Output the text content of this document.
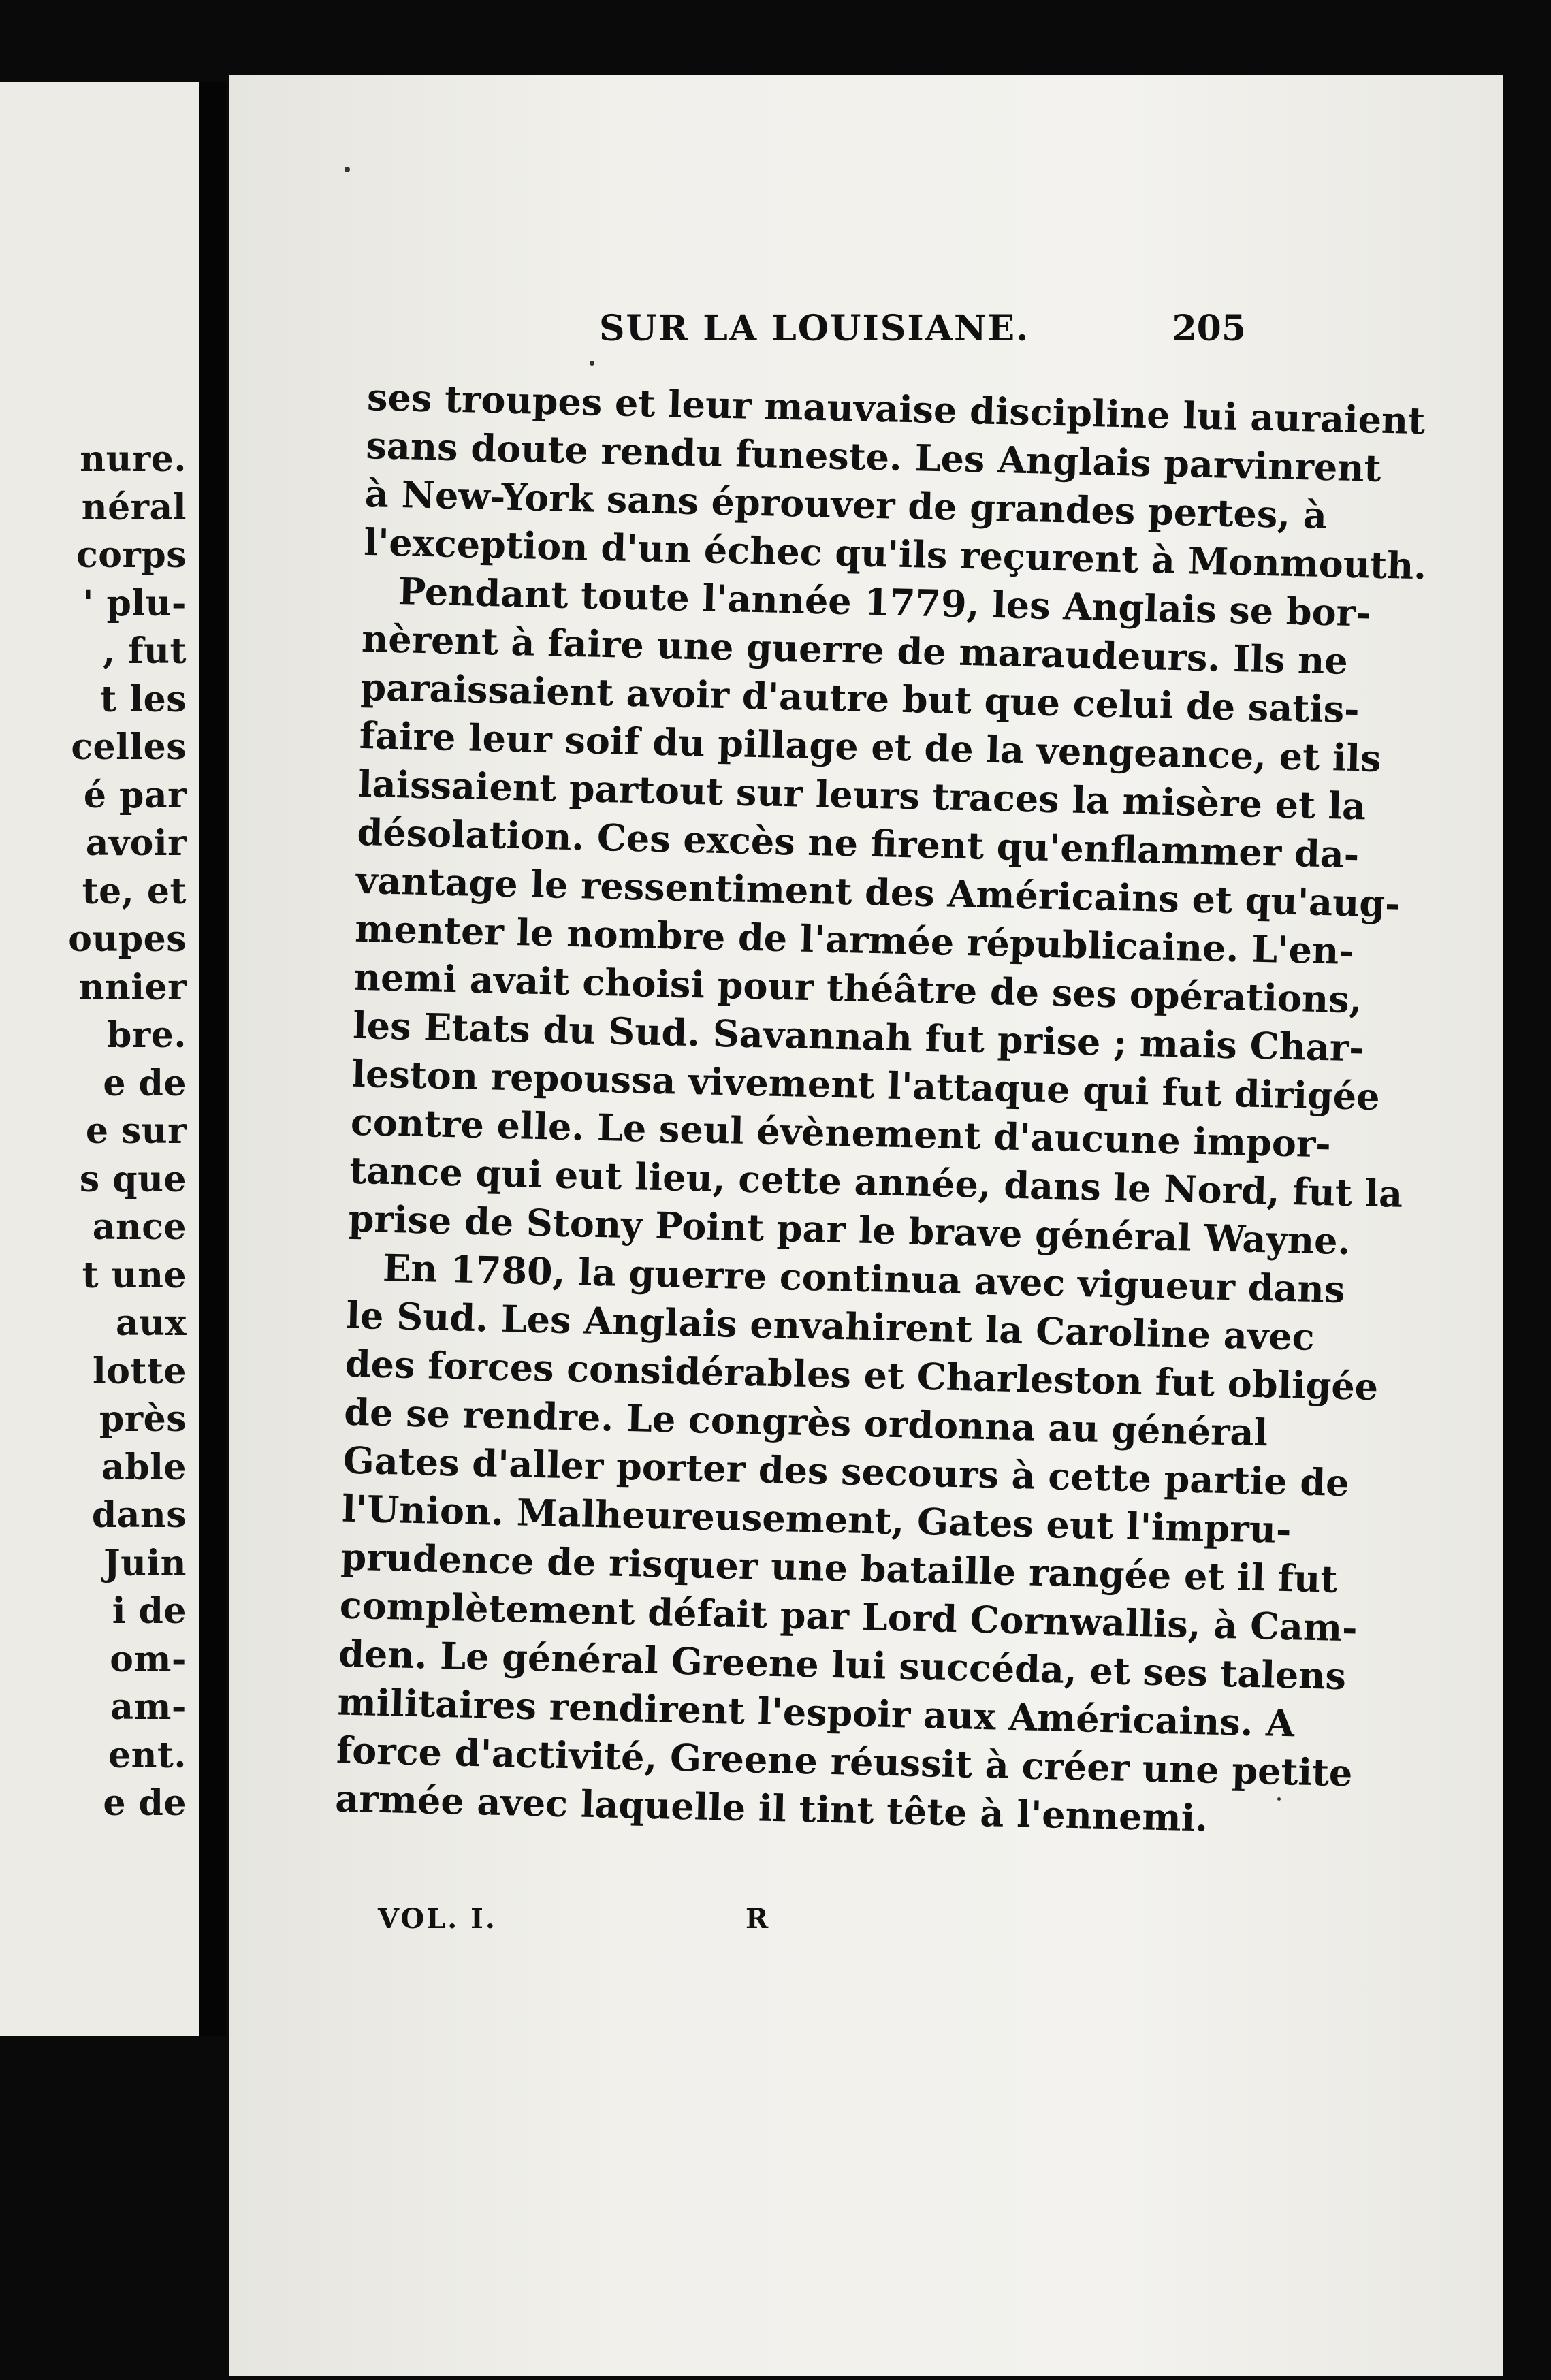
nure.
néral
corps
' plu-
, fut
t les
celles
é par
avoir
te, et
oupes
nnier
bre.
e de
e sur
s que
ance
t une
aux
lotte
près
able
dans
Juin
i de
om-
am-
ent.
e de
SUR LA LOUISIANE.	205
ses troupes et leur mauvaise discipline lui auraient
sans doute rendu funeste. Les Anglais parvinrent
à New-York sans éprouver de grandes pertes, à
l'exception d'un échec qu'ils reçurent à Monmouth.
Pendant toute l'année 1779, les Anglais se bor-
nèrent à faire une guerre de maraudeurs. Ils ne
paraissaient avoir d'autre but que celui de satis-
faire leur soif du pillage et de la vengeance, et ils
laissaient partout sur leurs traces la misère et la
désolation. Ces excès ne firent qu'enflammer da-
vantage le ressentiment des Américains et qu'aug-
menter le nombre de l'armée républicaine. L'en-
nemi avait choisi pour théâtre de ses opérations,
les Etats du Sud. Savannah fut prise ; mais Char-
leston repoussa vivement l'attaque qui fut dirigée
contre elle. Le seul évènement d'aucune impor-
tance qui eut lieu, cette année, dans le Nord, fut la
prise de Stony Point par le brave général Wayne.
En 1780, la guerre continua avec vigueur dans
le Sud. Les Anglais envahirent la Caroline avec
des forces considérables et Charleston fut obligée
de se rendre. Le congrès ordonna au général
Gates d'aller porter des secours à cette partie de
l'Union. Malheureusement, Gates eut l'impru-
prudence de risquer une bataille rangée et il fut
complètement défait par Lord Cornwallis, à Cam-
den. Le général Greene lui succéda, et ses talens
militaires rendirent l'espoir aux Américains. A
force d'activité, Greene réussit à créer une petite
armée avec laquelle il tint tête à l'ennemi.
VOL. I.	R
